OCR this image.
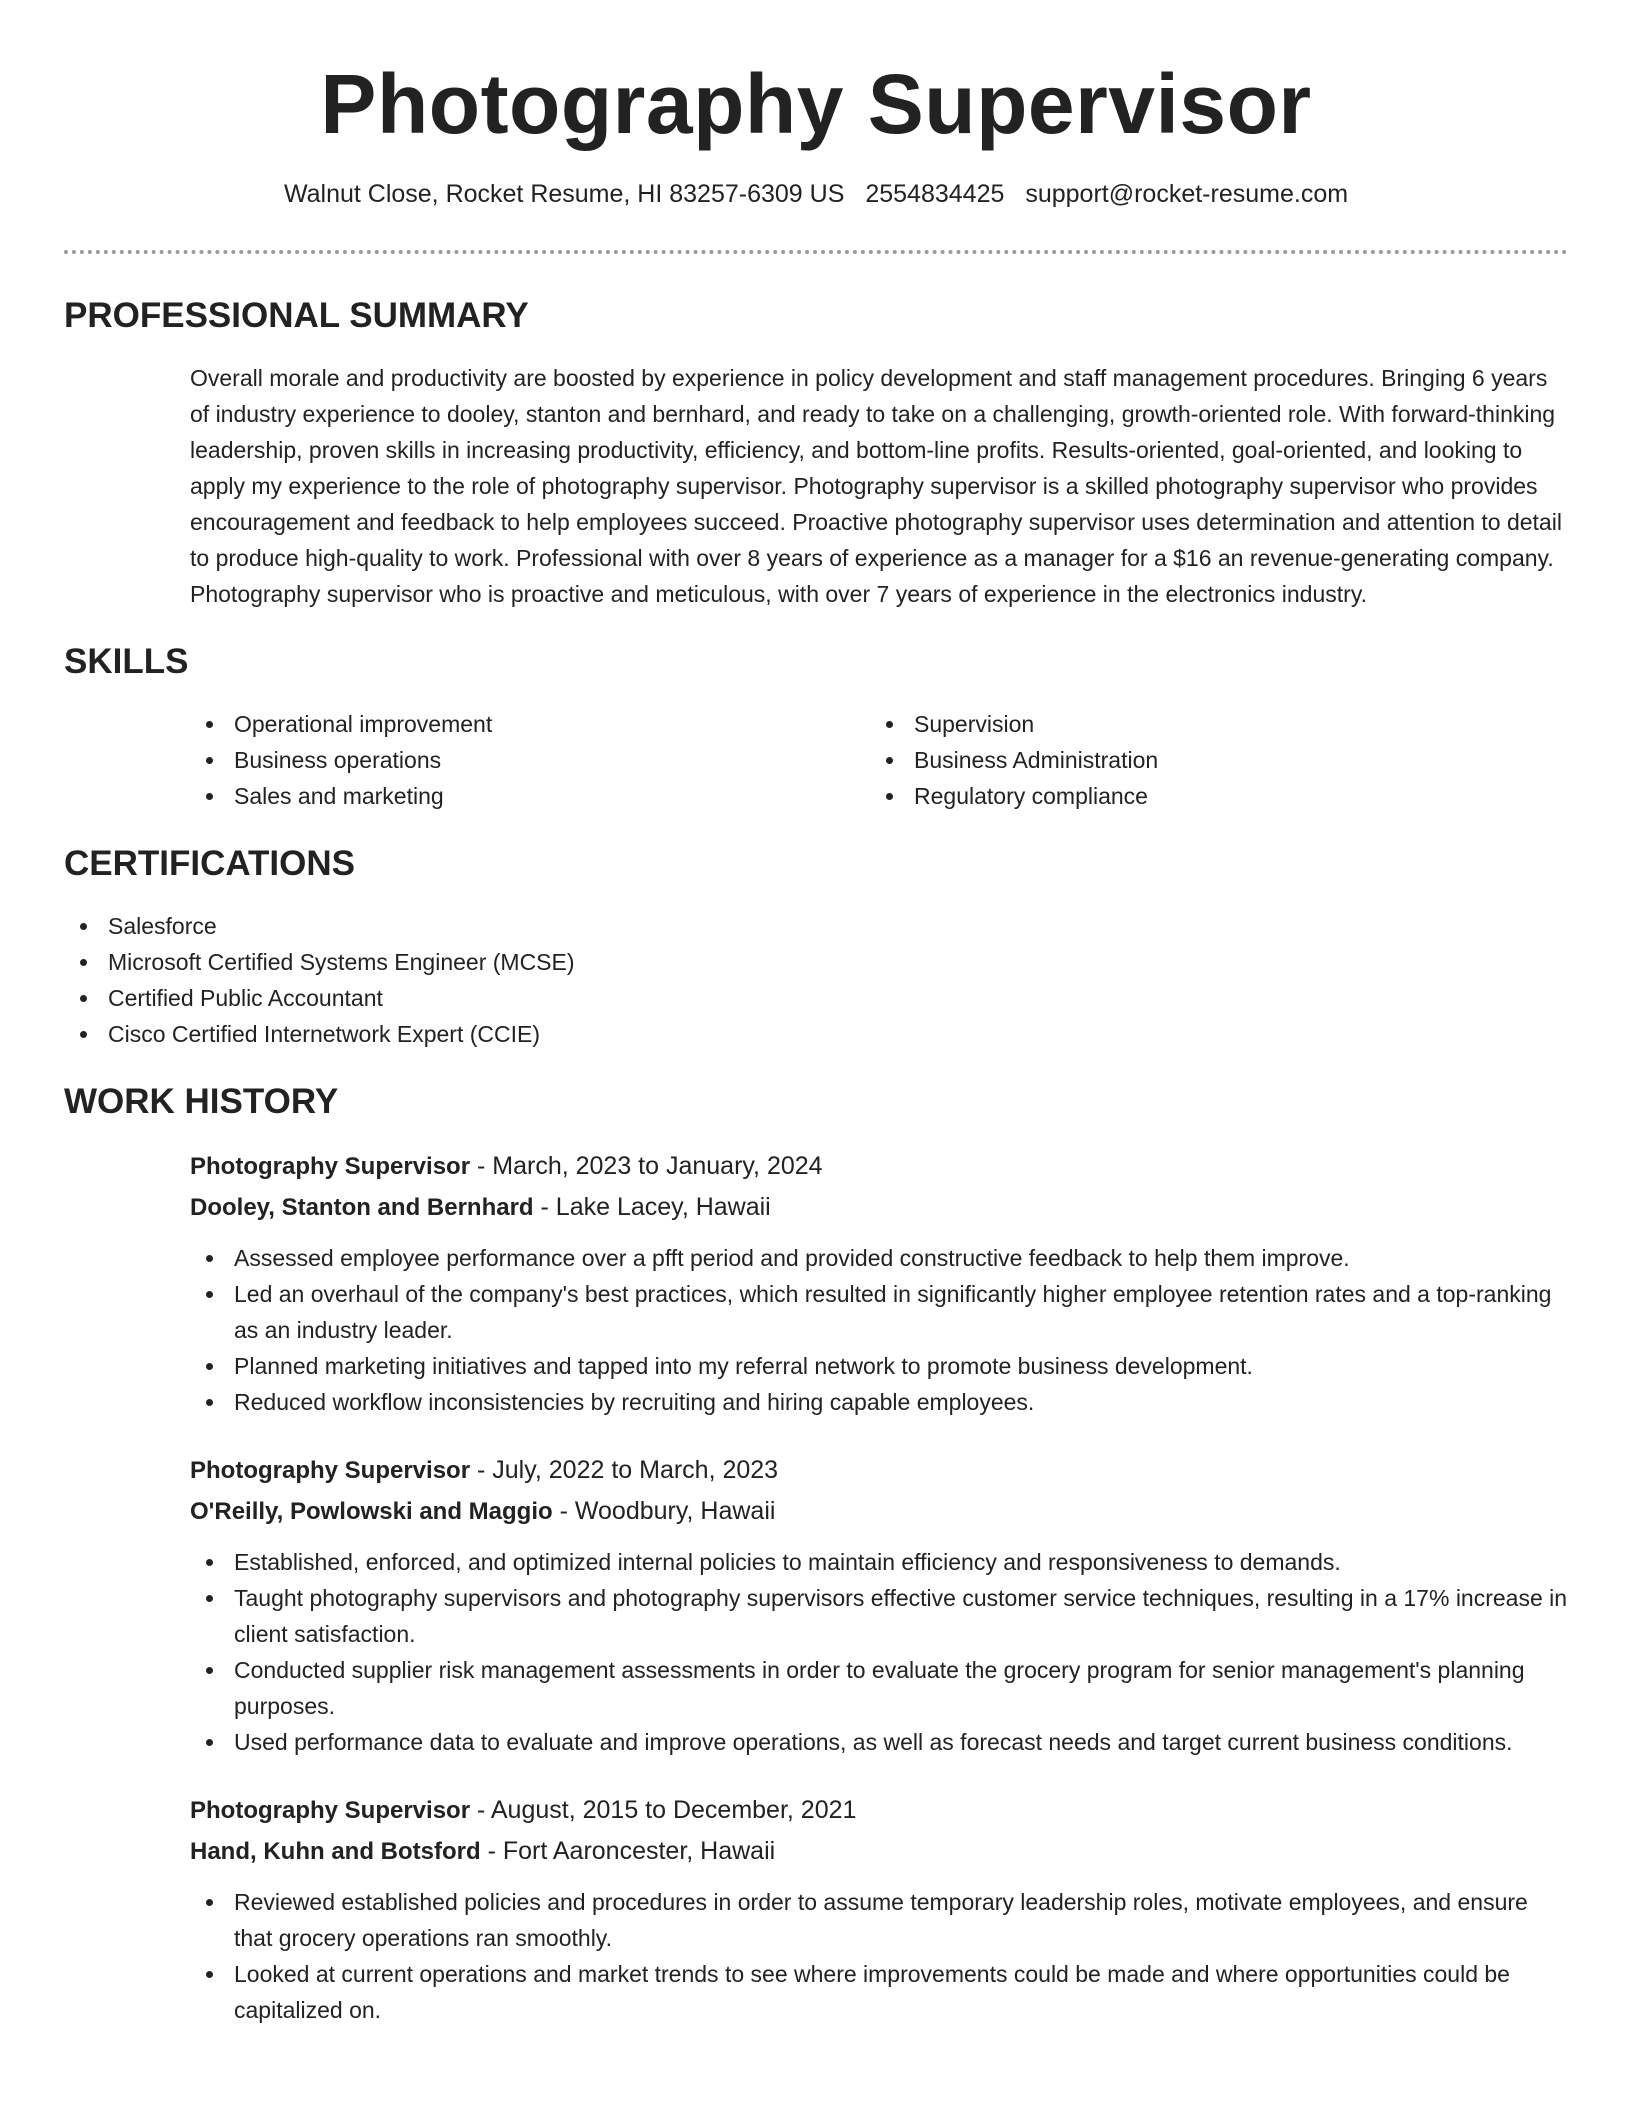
Photography Supervisor
Walnut Close, Rocket Resume, HI 83257-6309 US 2554834425 support@rocket-resume.com
PROFESSIONAL SUMMARY

Overall morale and productivity are boosted by experience in policy development and staff management procedures. Bringing 6 years of industry experience to dooley, stanton and bernhard, and ready to take on a challenging, growth-oriented role. With forward-thinking leadership, proven skills in increasing productivity, efficiency, and bottom-line profits. Results-oriented, goal-oriented, and looking to apply my experience to the role of photography supervisor. Photography supervisor is a skilled photography supervisor who provides encouragement and feedback to help employees succeed. Proactive photography supervisor uses determination and attention to detail to produce high-quality to work. Professional with over 8 years of experience as a manager for a $16 an revenue-generating company. Photography supervisor who is proactive and meticulous, with over 7 years of experience in the electronics industry.

SKILLS
Operational improvement
Business operations
Sales and marketing
Supervision
Business Administration
Regulatory compliance
CERTIFICATIONS
Salesforce
Microsoft Certified Systems Engineer (MCSE)
Certified Public Accountant
Cisco Certified Internetwork Expert (CCIE)
WORK HISTORY
Photography Supervisor - March, 2023 to January, 2024
Dooley, Stanton and Bernhard - Lake Lacey, Hawaii
Assessed employee performance over a pfft period and provided constructive feedback to help them improve.
Led an overhaul of the company's best practices, which resulted in significantly higher employee retention rates and a top-ranking as an industry leader.
Planned marketing initiatives and tapped into my referral network to promote business development.
Reduced workflow inconsistencies by recruiting and hiring capable employees.
Photography Supervisor - July, 2022 to March, 2023
O'Reilly, Powlowski and Maggio - Woodbury, Hawaii
Established, enforced, and optimized internal policies to maintain efficiency and responsiveness to demands.
Taught photography supervisors and photography supervisors effective customer service techniques, resulting in a 17% increase in client satisfaction.
Conducted supplier risk management assessments in order to evaluate the grocery program for senior management's planning purposes.
Used performance data to evaluate and improve operations, as well as forecast needs and target current business conditions.
Photography Supervisor - August, 2015 to December, 2021
Hand, Kuhn and Botsford - Fort Aaroncester, Hawaii
Reviewed established policies and procedures in order to assume temporary leadership roles, motivate employees, and ensure that grocery operations ran smoothly.
Looked at current operations and market trends to see where improvements could be made and where opportunities could be capitalized on.
